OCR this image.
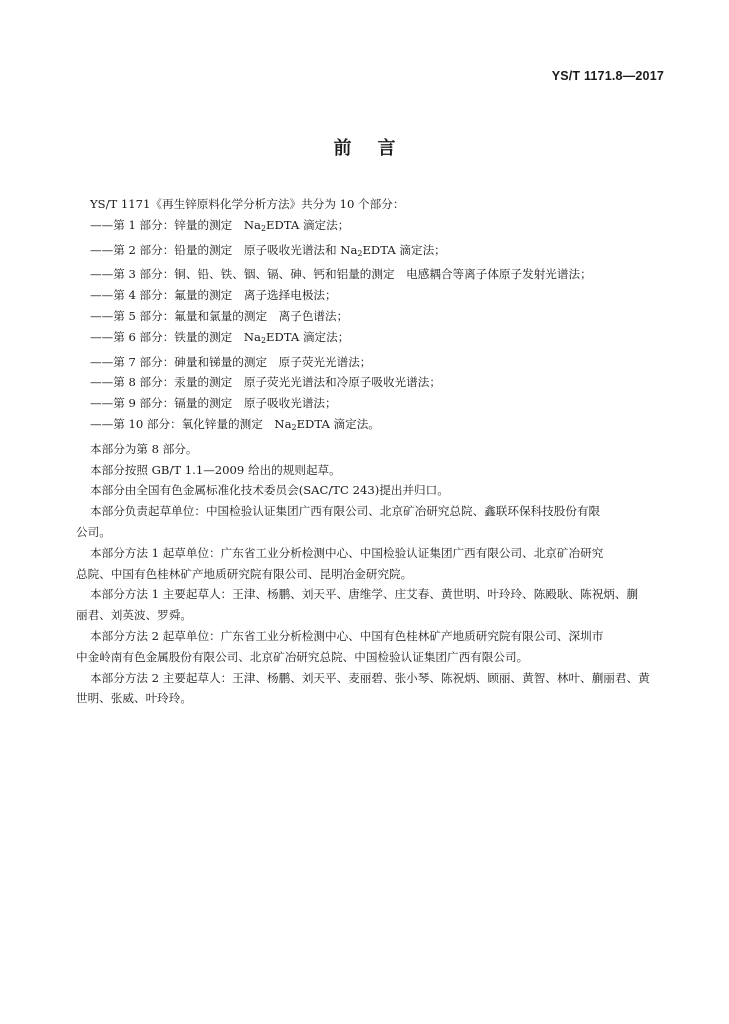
YS/T 1171.8—2017
前言
YS/T 1171《再生锌原料化学分析方法》共分为 10 个部分：
——第 1 部分：锌量的测定　$Na_2EDTA$ 滴定法；
——第 2 部分：铅量的测定　原子吸收光谱法和 $Na_2EDTA$ 滴定法；
——第 3 部分：铜、铅、铁、铟、镉、砷、钙和铝量的测定　电感耦合等离子体原子发射光谱法；
——第 4 部分：氟量的测定　离子选择电极法；
——第 5 部分：氟量和氯量的测定　离子色谱法；
——第 6 部分：铁量的测定　$Na_2EDTA$ 滴定法；
——第 7 部分：砷量和锑量的测定　原子荧光光谱法；
——第 8 部分：汞量的测定　原子荧光光谱法和冷原子吸收光谱法；
——第 9 部分：镉量的测定　原子吸收光谱法；
——第 10 部分：氧化锌量的测定　$Na_2EDTA$ 滴定法。
本部分为第 8 部分。
本部分按照 GB/T 1.1—2009 给出的规则起草。
本部分由全国有色金属标准化技术委员会(SAC/TC 243)提出并归口。
本部分负责起草单位：中国检验认证集团广西有限公司、北京矿冶研究总院、鑫联环保科技股份有限
公司。
本部分方法 1 起草单位：广东省工业分析检测中心、中国检验认证集团广西有限公司、北京矿冶研究
总院、中国有色桂林矿产地质研究院有限公司、昆明冶金研究院。
本部分方法 1 主要起草人：王津、杨鹏、刘天平、唐维学、庄艾春、黄世明、叶玲玲、陈殿耿、陈祝炳、蒯
丽君、刘英波、罗舜。
本部分方法 2 起草单位：广东省工业分析检测中心、中国有色桂林矿产地质研究院有限公司、深圳市
中金岭南有色金属股份有限公司、北京矿冶研究总院、中国检验认证集团广西有限公司。
本部分方法 2 主要起草人：王津、杨鹏、刘天平、麦丽碧、张小琴、陈祝炳、顾丽、黄智、林叶、蒯丽君、黄
世明、张威、叶玲玲。
